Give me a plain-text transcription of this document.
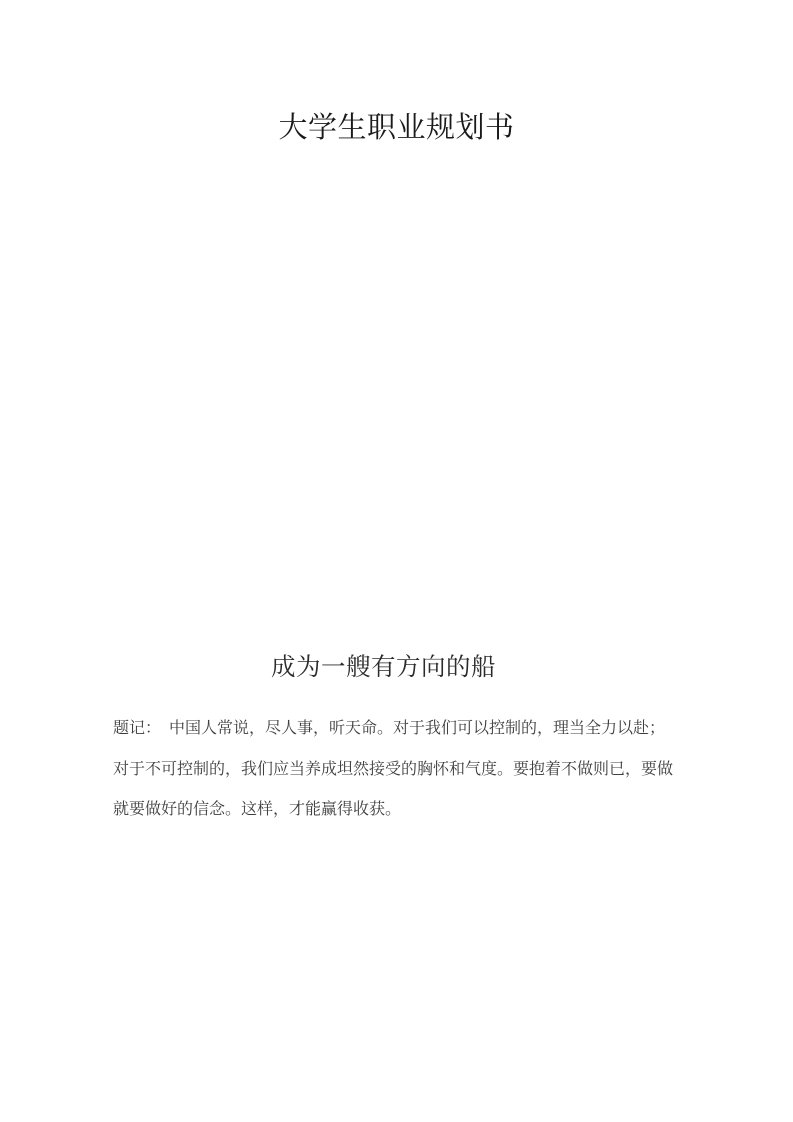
大学生职业规划书
成为一艘有方向的船

题记：　中国人常说，尽人事，听天命。对于我们可以控制的，理当全力以赴；

对于不可控制的，我们应当养成坦然接受的胸怀和气度。要抱着不做则已，要做

就要做好的信念。这样，才能赢得收获。
